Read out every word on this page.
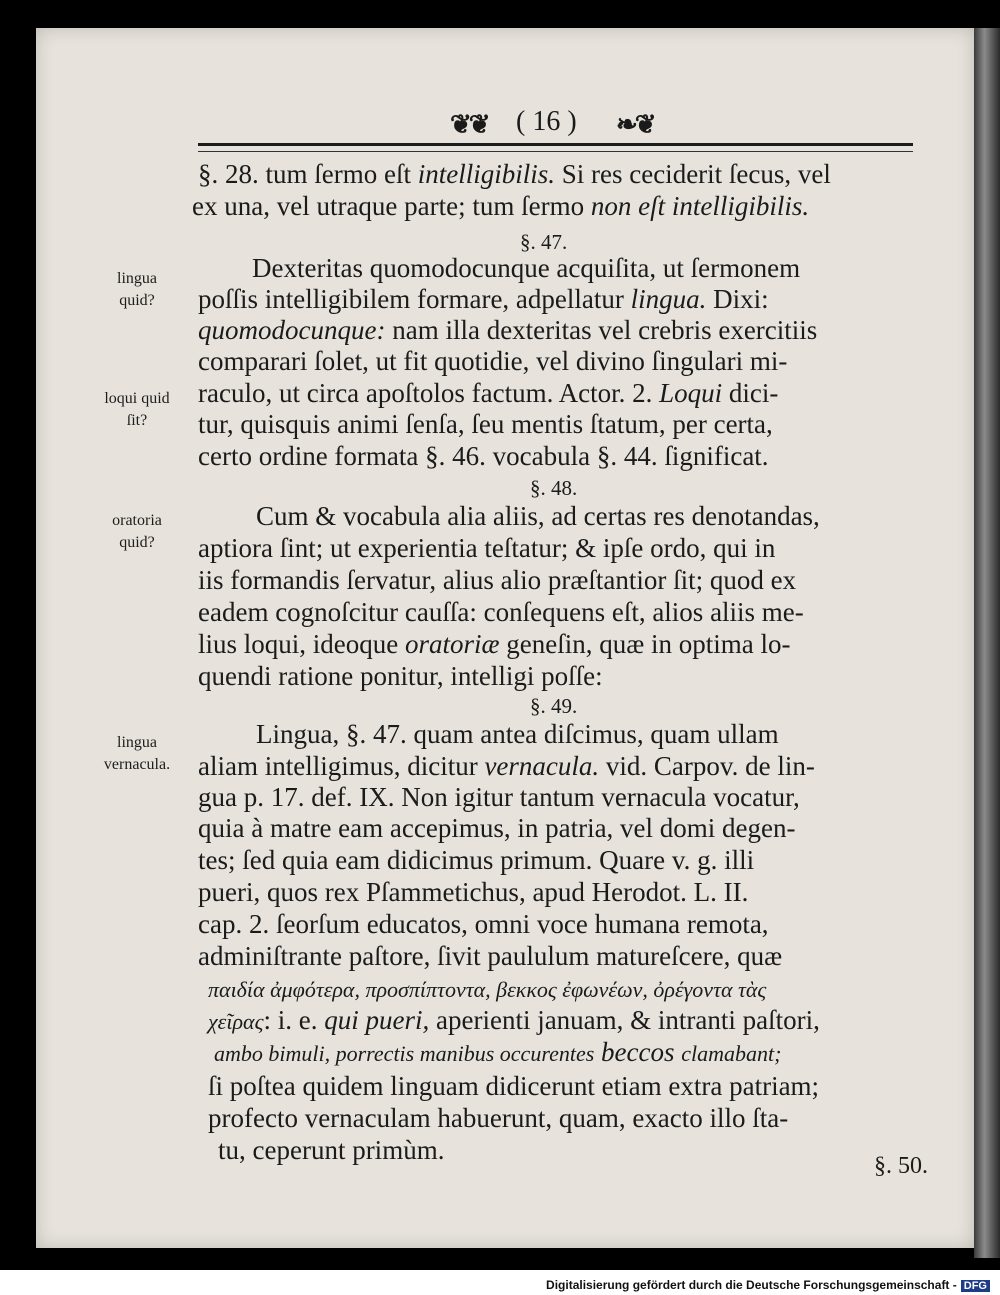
❦❦ ( 16 ) ❧❦
§. 28. tum ſermo eſt intelligibilis. Si res ceciderit ſecus, vel
ex una, vel utraque parte; tum ſermo non eſt intelligibilis.
§. 47.
lingua
quid?
Dexteritas quomodocunque acquiſita, ut ſermonem
poſſis intelligibilem formare, adpellatur lingua. Dixi:
quomodocunque: nam illa dexteritas vel crebris exercitiis
comparari ſolet, ut fit quotidie, vel divino ſingulari mi-
loqui quid
ſit?
raculo, ut circa apoſtolos factum. Actor. 2. Loqui dici-
tur, quisquis animi ſenſa, ſeu mentis ſtatum, per certa,
certo ordine formata §. 46. vocabula §. 44. ſignificat.
§. 48.
oratoria
quid?
Cum & vocabula alia aliis, ad certas res denotandas,
aptiora ſint; ut experientia teſtatur; & ipſe ordo, qui in
iis formandis ſervatur, alius alio præſtantior ſit; quod ex
eadem cognoſcitur cauſſa: conſequens eſt, alios aliis me-
lius loqui, ideoque oratoriæ geneſin, quæ in optima lo-
quendi ratione ponitur, intelligi poſſe:
§. 49.
lingua
vernacula.
Lingua, §. 47. quam antea diſcimus, quam ullam
aliam intelligimus, dicitur vernacula. vid. Carpov. de lin-
gua p. 17. def. IX. Non igitur tantum vernacula vocatur,
quia à matre eam accepimus, in patria, vel domi degen-
tes; ſed quia eam didicimus primum. Quare v. g. illi
pueri, quos rex Pſammetichus, apud Herodot. L. II.
cap. 2. ſeorſum educatos, omni voce humana remota,
adminiſtrante paſtore, ſivit paululum matureſcere, quæ
παιδία ἀμφότερα, προσπίπτοντα, βεκκος ἐφωνέων, ὀρέγοντα τὰς
χεῖρας: i. e. qui pueri, aperienti januam, & intranti paſtori,
ambo bimuli, porrectis manibus occurentes beccos clamabant;
ſi poſtea quidem linguam didicerunt etiam extra patriam;
profecto vernaculam habuerunt, quam, exacto illo ſta-
tu, ceperunt primùm.
§. 50.
Digitalisierung gefördert durch die Deutsche Forschungsgemeinschaft - DFG
